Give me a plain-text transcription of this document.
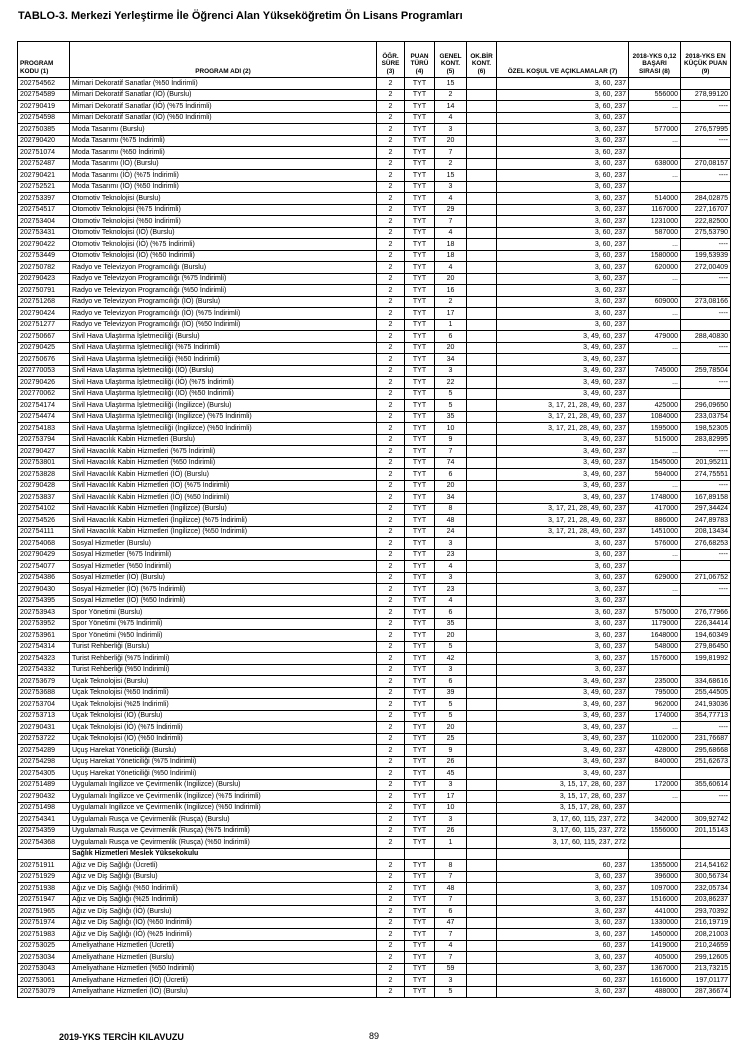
TABLO-3. Merkezi Yerleştirme İle Öğrenci Alan Yükseköğretim Ön Lisans Programları
PROGRAM KODU (1)	PROGRAM ADI (2)	ÖĞR. SÜRE (3)	PUAN TÜRÜ (4)	GENEL KONT. (5)	OK.BİR KONT. (6)	ÖZEL KOŞUL VE AÇIKLAMALAR (7)	2018-YKS 0,12 BAŞARI SIRASI (8)	2018-YKS EN KÜÇÜK PUAN (9)
202754562	Mimari Dekoratif Sanatlar (%50 İndirimli)	2	TYT	15		3, 60, 237		
202754589	Mimari Dekoratif Sanatlar (İÖ) (Burslu)	2	TYT	2		3, 60, 237	556000	278,99120
202790419	Mimari Dekoratif Sanatlar (İÖ) (%75 İndirimli)	2	TYT	14		3, 60, 237	...	----
202754598	Mimari Dekoratif Sanatlar (İÖ) (%50 İndirimli)	2	TYT	4		3, 60, 237		
202750385	Moda Tasarımı (Burslu)	2	TYT	3		3, 60, 237	577000	276,57995
202790420	Moda Tasarımı (%75 İndirimli)	2	TYT	20		3, 60, 237	...	----
202751074	Moda Tasarımı (%50 İndirimli)	2	TYT	7		3, 60, 237		
202752487	Moda Tasarımı (İÖ) (Burslu)	2	TYT	2		3, 60, 237	638000	270,08157
202790421	Moda Tasarımı (İÖ) (%75 İndirimli)	2	TYT	15		3, 60, 237	...	----
202752521	Moda Tasarımı (İÖ) (%50 İndirimli)	2	TYT	3		3, 60, 237		
202753397	Otomotiv Teknolojisi (Burslu)	2	TYT	4		3, 60, 237	514000	284,02875
202754517	Otomotiv Teknolojisi (%75 İndirimli)	2	TYT	29		3, 60, 237	1167000	227,16707
202753404	Otomotiv Teknolojisi (%50 İndirimli)	2	TYT	7		3, 60, 237	1231000	222,82500
202753431	Otomotiv Teknolojisi (İÖ) (Burslu)	2	TYT	4		3, 60, 237	587000	275,53790
202790422	Otomotiv Teknolojisi (İÖ) (%75 İndirimli)	2	TYT	18		3, 60, 237	...	----
202753449	Otomotiv Teknolojisi (İÖ) (%50 İndirimli)	2	TYT	18		3, 60, 237	1580000	199,53939
202750782	Radyo ve Televizyon Programcılığı (Burslu)	2	TYT	4		3, 60, 237	620000	272,00409
202790423	Radyo ve Televizyon Programcılığı (%75 İndirimli)	2	TYT	20		3, 60, 237	...	----
202750791	Radyo ve Televizyon Programcılığı (%50 İndirimli)	2	TYT	16		3, 60, 237		
202751268	Radyo ve Televizyon Programcılığı (İÖ) (Burslu)	2	TYT	2		3, 60, 237	609000	273,08166
202790424	Radyo ve Televizyon Programcılığı (İÖ) (%75 İndirimli)	2	TYT	17		3, 60, 237	...	----
202751277	Radyo ve Televizyon Programcılığı (İÖ) (%50 İndirimli)	2	TYT	1		3, 60, 237		
202750667	Sivil Hava Ulaştırma İşletmeciliği (Burslu)	2	TYT	6		3, 49, 60, 237	479000	288,40830
202790425	Sivil Hava Ulaştırma İşletmeciliği (%75 İndirimli)	2	TYT	20		3, 49, 60, 237	...	----
202750676	Sivil Hava Ulaştırma İşletmeciliği (%50 İndirimli)	2	TYT	34		3, 49, 60, 237		
202770053	Sivil Hava Ulaştırma İşletmeciliği (İÖ) (Burslu)	2	TYT	3		3, 49, 60, 237	745000	259,78504
202790426	Sivil Hava Ulaştırma İşletmeciliği (İÖ) (%75 İndirimli)	2	TYT	22		3, 49, 60, 237	...	----
202770062	Sivil Hava Ulaştırma İşletmeciliği (İÖ) (%50 İndirimli)	2	TYT	5		3, 49, 60, 237		
202754174	Sivil Hava Ulaştırma İşletmeciliği (İngilizce) (Burslu)	2	TYT	5		3, 17, 21, 28, 49, 60, 237	425000	296,09650
202754474	Sivil Hava Ulaştırma İşletmeciliği (İngilizce) (%75 İndirimli)	2	TYT	35		3, 17, 21, 28, 49, 60, 237	1084000	233,03754
202754183	Sivil Hava Ulaştırma İşletmeciliği (İngilizce) (%50 İndirimli)	2	TYT	10		3, 17, 21, 28, 49, 60, 237	1595000	198,52305
202753794	Sivil Havacılık Kabin Hizmetleri (Burslu)	2	TYT	9		3, 49, 60, 237	515000	283,82995
202790427	Sivil Havacılık Kabin Hizmetleri (%75 İndirimli)	2	TYT	7		3, 49, 60, 237	...	----
202753801	Sivil Havacılık Kabin Hizmetleri (%50 İndirimli)	2	TYT	74		3, 49, 60, 237	1545000	201,95211
202753828	Sivil Havacılık Kabin Hizmetleri (İÖ) (Burslu)	2	TYT	6		3, 49, 60, 237	594000	274,75551
202790428	Sivil Havacılık Kabin Hizmetleri (İÖ) (%75 İndirimli)	2	TYT	20		3, 49, 60, 237	...	----
202753837	Sivil Havacılık Kabin Hizmetleri (İÖ) (%50 İndirimli)	2	TYT	34		3, 49, 60, 237	1748000	167,89158
202754102	Sivil Havacılık Kabin Hizmetleri (İngilizce) (Burslu)	2	TYT	8		3, 17, 21, 28, 49, 60, 237	417000	297,34424
202754526	Sivil Havacılık Kabin Hizmetleri (İngilizce) (%75 İndirimli)	2	TYT	48		3, 17, 21, 28, 49, 60, 237	886000	247,89783
202754111	Sivil Havacılık Kabin Hizmetleri (İngilizce) (%50 İndirimli)	2	TYT	24		3, 17, 21, 28, 49, 60, 237	1451000	208,13434
202754068	Sosyal Hizmetler (Burslu)	2	TYT	3		3, 60, 237	576000	276,68253
202790429	Sosyal Hizmetler (%75 İndirimli)	2	TYT	23		3, 60, 237	...	----
202754077	Sosyal Hizmetler (%50 İndirimli)	2	TYT	4		3, 60, 237		
202754386	Sosyal Hizmetler (İÖ) (Burslu)	2	TYT	3		3, 60, 237	629000	271,06752
202790430	Sosyal Hizmetler (İÖ) (%75 İndirimli)	2	TYT	23		3, 60, 237	...	----
202754395	Sosyal Hizmetler (İÖ) (%50 İndirimli)	2	TYT	4		3, 60, 237		
202753943	Spor Yönetimi (Burslu)	2	TYT	6		3, 60, 237	575000	276,77966
202753952	Spor Yönetimi (%75 İndirimli)	2	TYT	35		3, 60, 237	1179000	226,34414
202753961	Spor Yönetimi (%50 İndirimli)	2	TYT	20		3, 60, 237	1648000	194,60349
202754314	Turist Rehberliği (Burslu)	2	TYT	5		3, 60, 237	548000	279,86450
202754323	Turist Rehberliği (%75 İndirimli)	2	TYT	42		3, 60, 237	1576000	199,81992
202754332	Turist Rehberliği (%50 İndirimli)	2	TYT	3		3, 60, 237		
202753679	Uçak Teknolojisi (Burslu)	2	TYT	6		3, 49, 60, 237	235000	334,68616
202753688	Uçak Teknolojisi (%50 İndirimli)	2	TYT	39		3, 49, 60, 237	795000	255,44505
202753704	Uçak Teknolojisi (%25 İndirimli)	2	TYT	5		3, 49, 60, 237	962000	241,93036
202753713	Uçak Teknolojisi (İÖ) (Burslu)	2	TYT	5		3, 49, 60, 237	174000	354,77713
202790431	Uçak Teknolojisi (İÖ) (%75 İndirimli)	2	TYT	20		3, 49, 60, 237	...	----
202753722	Uçak Teknolojisi (İÖ) (%50 İndirimli)	2	TYT	25		3, 49, 60, 237	1102000	231,76687
202754289	Uçuş Harekat Yöneticiliği (Burslu)	2	TYT	9		3, 49, 60, 237	428000	295,68668
202754298	Uçuş Harekat Yöneticiliği (%75 İndirimli)	2	TYT	26		3, 49, 60, 237	840000	251,62673
202754305	Uçuş Harekat Yöneticiliği (%50 İndirimli)	2	TYT	45		3, 49, 60, 237		
202751489	Uygulamalı İngilizce ve Çevirmenlik (İngilizce) (Burslu)	2	TYT	3		3, 15, 17, 28, 60, 237	172000	355,60614
202790432	Uygulamalı İngilizce ve Çevirmenlik (İngilizce) (%75 İndirimli)	2	TYT	17		3, 15, 17, 28, 60, 237	...	----
202751498	Uygulamalı İngilizce ve Çevirmenlik (İngilizce) (%50 İndirimli)	2	TYT	10		3, 15, 17, 28, 60, 237		
202754341	Uygulamalı Rusça ve Çevirmenlik (Rusça) (Burslu)	2	TYT	3		3, 17, 60, 115, 237, 272	342000	309,92742
202754359	Uygulamalı Rusça ve Çevirmenlik (Rusça) (%75 İndirimli)	2	TYT	26		3, 17, 60, 115, 237, 272	1556000	201,15143
202754368	Uygulamalı Rusça ve Çevirmenlik (Rusça) (%50 İndirimli)	2	TYT	1		3, 17, 60, 115, 237, 272		
	Sağlık Hizmetleri Meslek Yüksekokulu							
202751911	Ağız ve Diş Sağlığı (Ücretli)	2	TYT	8		60, 237	1355000	214,54162
202751929	Ağız ve Diş Sağlığı (Burslu)	2	TYT	7		3, 60, 237	396000	300,56734
202751938	Ağız ve Diş Sağlığı (%50 İndirimli)	2	TYT	48		3, 60, 237	1097000	232,05734
202751947	Ağız ve Diş Sağlığı (%25 İndirimli)	2	TYT	7		3, 60, 237	1516000	203,86237
202751965	Ağız ve Diş Sağlığı (İÖ) (Burslu)	2	TYT	6		3, 60, 237	441000	293,70392
202751974	Ağız ve Diş Sağlığı (İÖ) (%50 İndirimli)	2	TYT	47		3, 60, 237	1330000	216,19719
202751983	Ağız ve Diş Sağlığı (İÖ) (%25 İndirimli)	2	TYT	7		3, 60, 237	1450000	208,21003
202753025	Ameliyathane Hizmetleri (Ücretli)	2	TYT	4		60, 237	1419000	210,24659
202753034	Ameliyathane Hizmetleri (Burslu)	2	TYT	7		3, 60, 237	405000	299,12605
202753043	Ameliyathane Hizmetleri (%50 İndirimli)	2	TYT	59		3, 60, 237	1367000	213,73215
202753061	Ameliyathane Hizmetleri (İÖ) (Ücretli)	2	TYT	3		60, 237	1616000	197,01177
202753079	Ameliyathane Hizmetleri (İÖ) (Burslu)	2	TYT	5		3, 60, 237	488000	287,36674
2019-YKS TERCİH KILAVUZU	89
